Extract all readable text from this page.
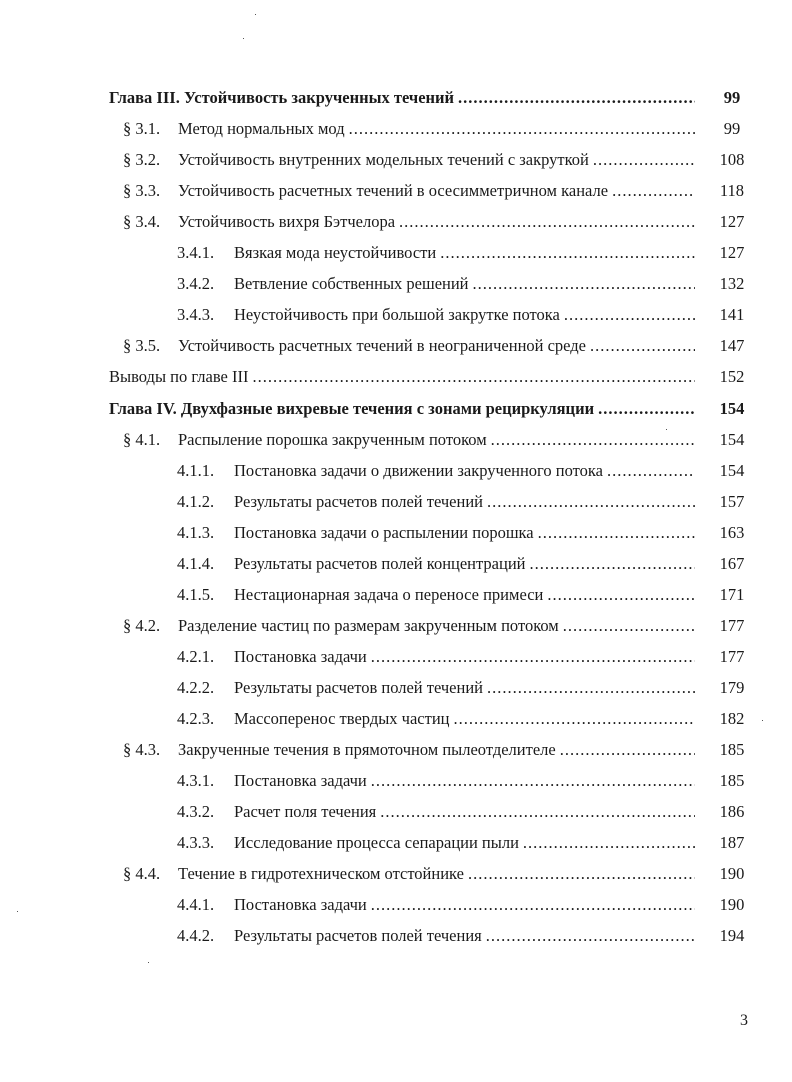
Глава III. Устойчивость закрученных течений .....	99
§ 3.1.	Метод нормальных мод .....	99
§ 3.2.	Устойчивость внутренних модельных течений с закруткой .....	108
§ 3.3.	Устойчивость расчетных течений в осесимметричном канале .....	118
§ 3.4.	Устойчивость вихря Бэтчелора .....	127
3.4.1.	Вязкая мода неустойчивости .....	127
3.4.2.	Ветвление собственных решений .....	132
3.4.3.	Неустойчивость при большой закрутке потока .....	141
§ 3.5.	Устойчивость расчетных течений в неограниченной среде .....	147
Выводы по главе III .....	152
Глава IV. Двухфазные вихревые течения с зонами рециркуляции .....	154
§ 4.1.	Распыление порошка закрученным потоком .....	154
4.1.1.	Постановка задачи о движении закрученного потока .....	154
4.1.2.	Результаты расчетов полей течений .....	157
4.1.3.	Постановка задачи о распылении порошка .....	163
4.1.4.	Результаты расчетов полей концентраций .....	167
4.1.5.	Нестационарная задача о переносе примеси .....	171
§ 4.2.	Разделение частиц по размерам закрученным потоком .....	177
4.2.1.	Постановка задачи .....	177
4.2.2.	Результаты расчетов полей течений .....	179
4.2.3.	Массоперенос твердых частиц .....	182
§ 4.3.	Закрученные течения в прямоточном пылеотделителе .....	185
4.3.1.	Постановка задачи .....	185
4.3.2.	Расчет поля течения .....	186
4.3.3.	Исследование процесса сепарации пыли .....	187
§ 4.4.	Течение в гидротехническом отстойнике .....	190
4.4.1.	Постановка задачи .....	190
4.4.2.	Результаты расчетов полей течения .....	194
3
